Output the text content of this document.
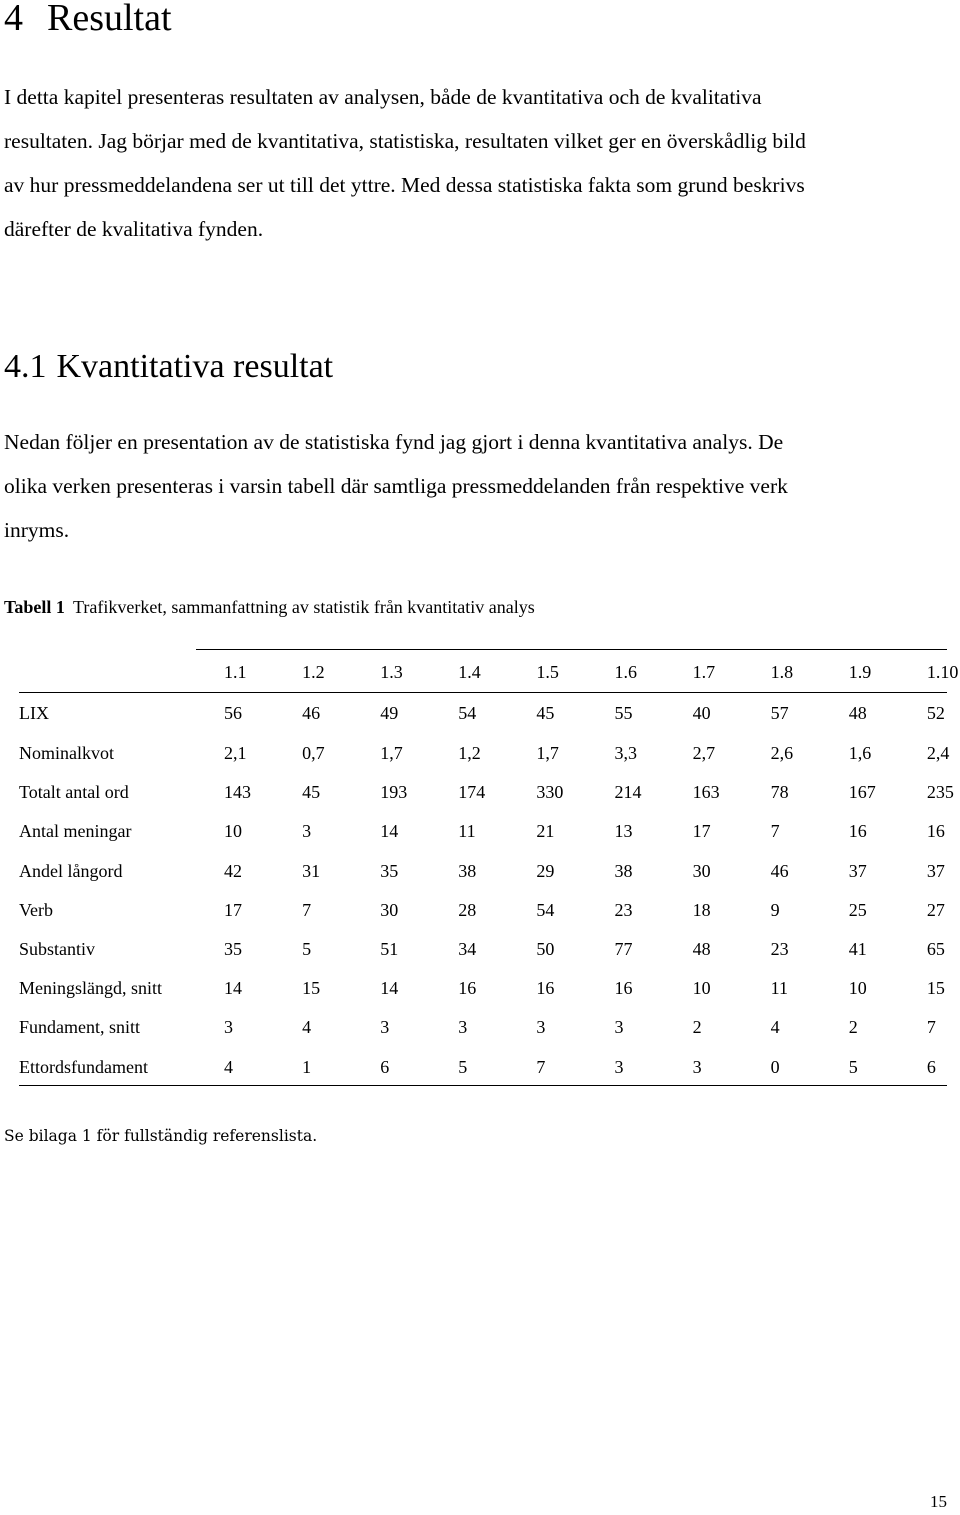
4 Resultat

I detta kapitel presenteras resultaten av analysen, både de kvantitativa och de kvalitativa
resultaten. Jag börjar med de kvantitativa, statistiska, resultaten vilket ger en överskådlig bild
av hur pressmeddelandena ser ut till det yttre. Med dessa statistiska fakta som grund beskrivs
därefter de kvalitativa fynden.

4.1 Kvantitativa resultat

Nedan följer en presentation av de statistiska fynd jag gjort i denna kvantitativa analys. De
olika verken presenteras i varsin tabell där samtliga pressmeddelanden från respektive verk
inryms.

Tabell 1 Trafikverket, sammanfattning av statistik från kvantitativ analys

	1.1	1.2	1.3	1.4	1.5	1.6	1.7	1.8	1.9	1.10
LIX	56	46	49	54	45	55	40	57	48	52
Nominalkvot	2,1	0,7	1,7	1,2	1,7	3,3	2,7	2,6	1,6	2,4
Totalt antal ord	143	45	193	174	330	214	163	78	167	235
Antal meningar	10	3	14	11	21	13	17	7	16	16
Andel långord	42	31	35	38	29	38	30	46	37	37
Verb	17	7	30	28	54	23	18	9	25	27
Substantiv	35	5	51	34	50	77	48	23	41	65
Meningslängd, snitt	14	15	14	16	16	16	10	11	10	15
Fundament, snitt	3	4	3	3	3	3	2	4	2	7
Ettordsfundament	4	1	6	5	7	3	3	0	5	6

Se bilaga 1 för fullständig referenslista.

15
